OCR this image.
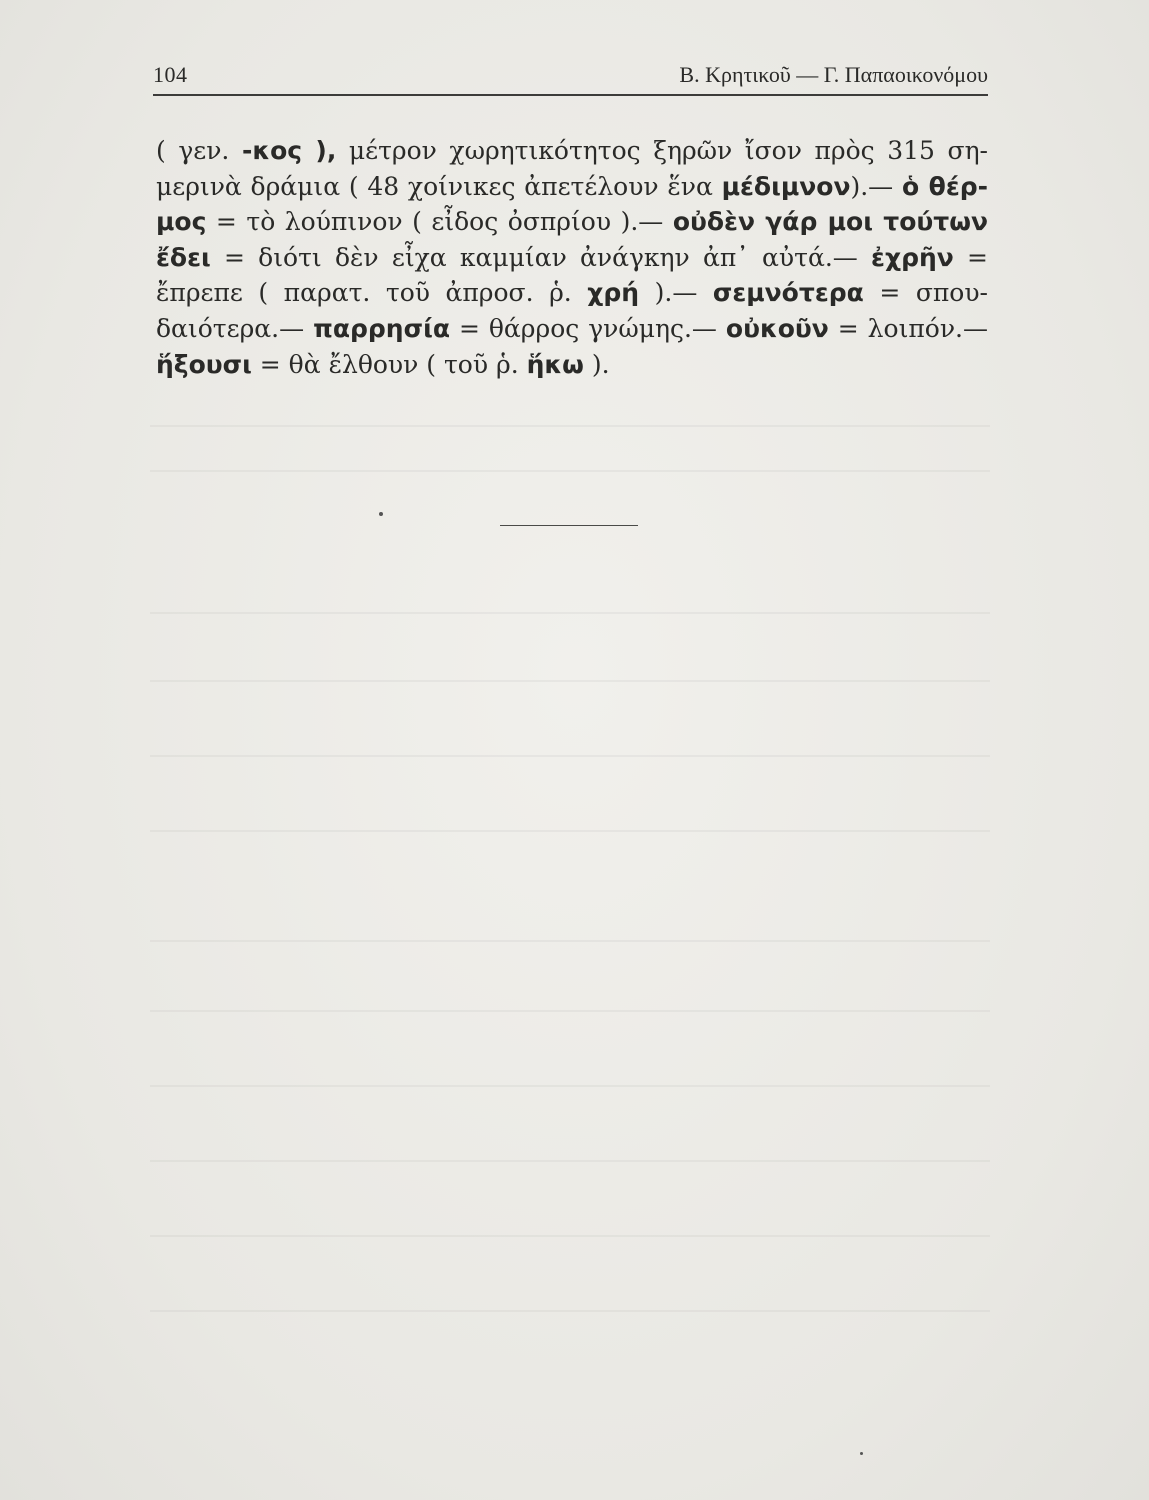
104	Β. Κρητικοῦ — Γ. Παπαοικονόμου
( γεν. -κος ), μέτρον χωρητικότητος ξηρῶν ἴσον πρὸς 315 ση-
μερινὰ δράμια ( 48 χοίνικες ἀπετέλουν ἕνα μέδιμνον).— ὁ θέρ-
μος = τὸ λούπινον ( εἶδος ὀσπρίου ).— οὐδὲν γάρ μοι τούτων
ἔδει = διότι δὲν εἶχα καμμίαν ἀνάγκην ἀπ᾽ αὐτά.— ἐχρῆν =
ἔπρεπε ( παρατ. τοῦ ἀπροσ. ῥ. χρή ).— σεμνότερα = σπου-
δαιότερα.— παρρησία = θάρρος γνώμης.— οὐκοῦν = λοιπόν.—
ἥξουσι = θὰ ἔλθουν ( τοῦ ῥ. ἥκω ).
